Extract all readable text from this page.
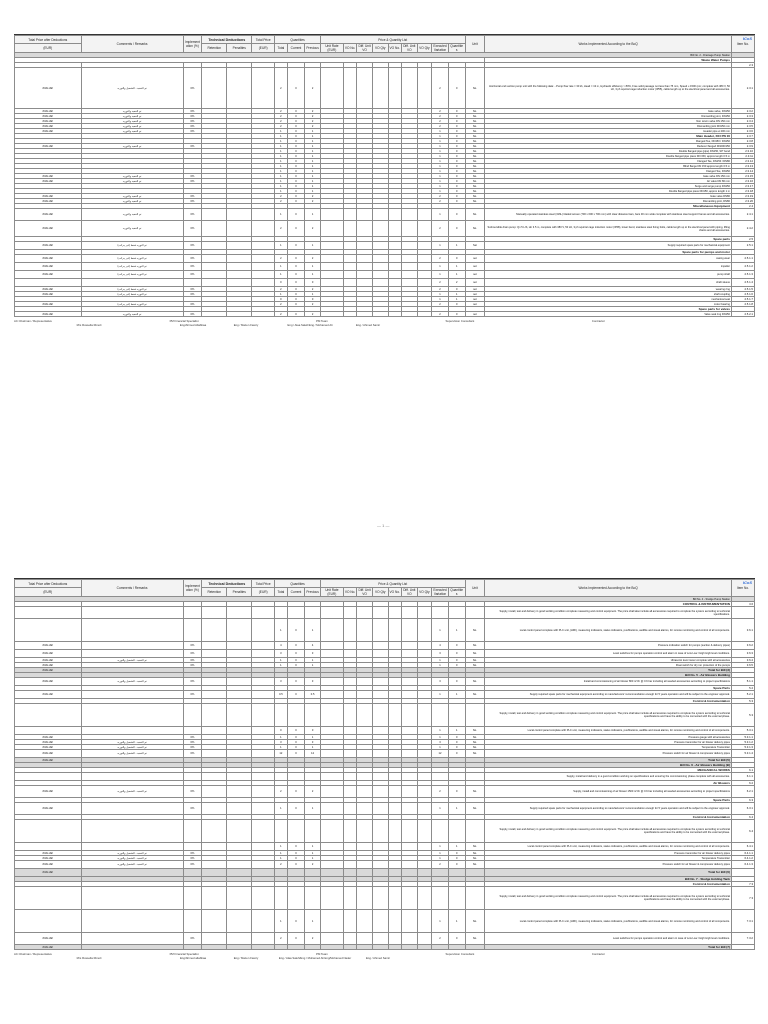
— 1 —
ICoS
Total Price after Deductions	Comments / Remarks	Implementation (%)	Technical Deductions		Total Price	Quantities			Price & Quantity List									Unit	Works Implemented According to the BoQ	Item No.
(EUR)			Retention	Penalties	(EUR)	Total	Current	Previous	Unit Rate (EUR)	VO No.	Diff. Unit VO	VO Qty	VO No.	Diff. Unit VO	VO Qty	Executed Variation	Quantities			
Bill No. 2 - Drainage Pump Station																				
																			Waste Water Pumps	
																				2.3
#VALUE!	تم التنفيذ - التشغيل والتوريد	0%				2	0	2								2	0	No.	Horizontal end suction pump unit with the following data: - Pump flow rate = 30 l/s, Head = 13 m, Hydraulic efficiency > 80%, Free solid passage not less than 75 mm, Speed ≤ 1500 rpm; complete with 380 V, 50 Hz, 3 ph squirrel cage induction motor (IP55), cable length up to the electrical panel and all accessories.	2.3.1
#VALUE!	تم التنفيذ والتوريد	0%				2	0	2								2	0	No.	Gate valve, DN150	2.3.2
#VALUE!	تم التنفيذ والتوريد	0%				2	0	2								2	0	No.	Dismantling joint, DN150	2.3.3
#VALUE!	تم التنفيذ والتوريد	0%				2	0	2								2	0	No.	Non return valve DN 150 mm	2.3.4
#VALUE!	تم التنفيذ والتوريد	0%				2	0	2								2	0	No.	Dismantling joint DN150 mm	2.3.5
#VALUE!	تم التنفيذ والتوريد	0%				1	0	1								1	0	No.	Header pipe ø 200 mm	2.3.6
						1	0	1								1	0	No.	Main Header, DCI PN 16	2.3.7
						1	0	1								1	0	No.	Flanged Tee, DN150 / DN150	2.3.8
#VALUE!	تم التنفيذ والتوريد	0%				1	0	1								1	0	No.	Reducer flanged DN200/150	2.3.9
						1	0	1								1	0	No.	Double flanged pipe (pipe) DN150, 90° bend	2.3.10
						1	0	1								1	0	No.	Double flanged pipe piece DN 150, approx length 0.5 m	2.3.11
						1	0	1								1	0	No.	Flanged Tee, DN150 / DN80	2.3.12
						1	0	1								1	0	No.	Blind flange DN 150 approx length 0.5 m	2.3.13
						1	0	1								1	0	No.	Flanged Tee, DN150	2.3.14
#VALUE!	تم التنفيذ والتوريد	0%				1	0	1								1	0	No.	Gate valve DN 150 mm	2.3.15
#VALUE!	تم التنفيذ والتوريد	0%				1	0	1								1	0	No.	Air valve DN 80 mm	2.3.16
						1	0	1								1	0	No.	Surge and surge pump DN150	2.3.17
						1	0	1								1	0	No.	Double flanged pipe piece DN150, approx length 1 m	2.3.18
#VALUE!	تم التنفيذ والتوريد	0%				2	0	2								2	0	No.	Gate valve DN80	2.3.19
#VALUE!	تم التنفيذ والتوريد	0%				2	0	2								2	0	No.	Dismantling joint, DN80	2.3.20
																			Miscellaneous Equipment	2.4
#VALUE!	تم التنفيذ والتوريد	0%				1	0	1								1	0	No.	Manually operated stainless steel (316L) bladed screen (700 x 600 x 700 mm) with clear distance bars, bars 30 mm wide complete with stainless steel support frames and all accessories.	2.4.1
#VALUE!	تم التنفيذ والتوريد	0%				2	0	2								2	0	No.	Submersible drain pump: Qn 5 L/S, Hn 3.5 m, complete with 380 V, 50 Hz, 3 ph squirrel cage induction motor (IP68), lower bend, stainless steel fixing bolts, cable length up to the electrical panel with piping, lifting chains and all accessories.	2.4.2
																			Spare parts	2.5
#VALUE!	تم التوريد فقط (غير مركب)	0%				1	0	1								1	1	Set	Supply required spare parts for mechanical equipment	2.5.1
																			Spare parts for pumps and motor	
#VALUE!	تم التوريد فقط (غير مركب)	0%				2	0	2								2	0	set	casing wear	2.5.1.1
#VALUE!	تم التوريد فقط (غير مركب)	0%				1	0	1								1	1	set	impeller	2.5.1.2
#VALUE!	تم التوريد فقط (غير مركب)	0%				1	0	1								1	1	set	pump shaft	2.5.1.3
						0	0	0								2	2	set	shaft sleeve	2.5.1.4
#VALUE!	تم التوريد فقط (غير مركب)	0%				2	0	2								2	0	set	wearing ring	2.5.1.5
#VALUE!	تم التوريد فقط (غير مركب)	0%				1	0	1								1	1	set	shaft coupling	2.5.1.6
						0	0	0								1	1	set	mechanical seal	2.5.1.7
#VALUE!	تم التوريد فقط (غير مركب)	0%				2	0	2								2	0	set	motor bearing	2.5.1.8
																			Spare parts for valves	
#VALUE!	تم التنفيذ والتوريد	0%				2	0	2								2	0	set	Valve seal ring DN150	2.5.2.1
AC Chairman / Representative	PM Financial Specialist	PM Team	Supervision Consultant	Contractor
Mrs Rossella Rimoli	Eng/Ahmed Altabbaa	Eng / Mazen Fawzy	Eng / Alaa Saleh/Eng / Mohamed Ali	Eng / Ahmed Samir
ICoS
Total Price after Deductions	Comments / Remarks	Implementation (%)	Technical Deductions		Total Price	Quantities			Price & Quantity List									Unit	Works Implemented According to the BoQ	Item No.
(EUR)			Retention	Penalties	(EUR)	Total	Current	Previous	Unit Rate (EUR)	VO No.	Diff. Unit VO	VO Qty	VO No.	Diff. Unit VO	VO Qty	Executed Variation	Quantities			
Bill No. 4 - Sludge Pump Station																				
																			CONTROL & INSTRUMENTATION	3.6
																			Supply, install, test and delivery in good working condition complete measuring and control equipment. The price shall also include all accessories required to complete the system according to technical specifications.	
						1	0	1								1	1	No.	Local control panel complete with PLC unit, (HMI), measuring indicators, status indicators, pushbuttons, audible and visual alarms, for remote monitoring and control of all components.	3.6.1
#VALUE!		0%				4	0	4								4	0	No.	Pressure indication switch for pumps (suction & delivery pipes)	3.6.2
#VALUE!		0%				3	0	3								3	0	No.	Level switches for pumps operation control and alarm in case of Low Low / High High level conditions.	3.6.3
#VALUE!	تم التنفيذ - التشغيل والتوريد	0%				1	0	1								1	0	No.	Ultrasonic level meter complete with all accessories	3.6.4
#VALUE!		0%				1	0	1								1	0	No.	Float switch for dry run protection of the pumps	3.6.5
#VALUE!																			Total for Bill (3)	
																			Bill No. 5 - Air Blowers Building	
#VALUE!	تم التنفيذ - التشغيل والتوريد	0%				3	0	3								3	0	No.	Install and commissioning of air blower 800 m³/hr @ 0.6 bar including all needed accessories according to project specifications	5.1.1
																			Spare Parts	5.2
#VALUE!		0%				0.5	0	0.5								1	1	No.	Supply required spare parts for mechanical equipment according to manufacturers' recommendation enough for 5 years operation and will be subject to the engineer approval.	5.2.1
																			Control & Instrumentation	5.3
																			Supply, install, test and delivery in good working condition complete measuring and control equipment. The price shall also include all accessories required to complete the system according to technical specifications and have the ability to be connected with the external phase.	5.3
						0	0	0								1	1	No.	Local control panel complete with PLC unit, measuring indicators, status indicators, pushbuttons, audible and visual alarms, for remote monitoring and control of all components.	5.3.1
#VALUE!		0%				1	0	1								1	0	No.	Pressure gauge with all accessories	5.3.1.1
#VALUE!	تم التنفيذ - التشغيل والتوريد	0%				3	0	3								3	0	No.	Pressure transmitter for air blower delivery pipes	5.3.1.2
#VALUE!	تم التنفيذ - التشغيل والتوريد	0%				1	0	1								1	0	No.	Temperature Transmitter	5.3.1.3
#VALUE!	تم التنفيذ - التشغيل والتوريد	0%				12	0	12								12	0	No.	Pressure switch for air blower & compressor delivery pipes	5.3.1.4
#VALUE!																			Total for Bill (5)	
																			Bill No. 6 - Air Blowers Building (B)	
																			MECHANICAL WORKS	6.1
																			Supply, install and delivery in a good condition working on specifications and ensuring the commissioning phase complete with all accessories.	6.1.1
																			Air Blowers	6.2
#VALUE!	تم التنفيذ - التشغيل والتوريد	0%				2	0	2								2	0	No.	Supply, install and commissioning of air blower 1500 m³/hr @ 0.6 bar including all needed accessories according to project specifications	6.2.1
																			Spare Parts	6.3
#VALUE!		0%				1	0	1								1	1	No.	Supply required spare parts for mechanical equipment according to manufacturers' recommendation enough for 5 years operation and will be subject to the engineer approval.	6.3.1
																			Control & Instrumentation	6.4
																			Supply, install, test and delivery in good working condition complete measuring and control equipment. The price shall also include all accessories required to complete the system according to technical specifications and have the ability to be connected with the external phase.	6.4
						1	0	1								1	1	No.	Local control panel complete with PLC unit, measuring indicators, status indicators, pushbuttons, audible and visual alarms, for remote monitoring and control of all components.	6.4.1
#VALUE!	تم التنفيذ - التشغيل والتوريد	0%				1	0	1								1	0	No.	Pressure transmitter for air blower delivery pipes	6.4.1.1
#VALUE!	تم التنفيذ - التشغيل والتوريد	0%				1	0	1								1	0	No.	Temperature Transmitter	6.4.1.2
#VALUE!	تم التنفيذ - التشغيل والتوريد	0%				2	0	2								2	0	No.	Pressure switch for air blower & compressor delivery pipes	6.4.1.3
#VALUE!																			Total for Bill (6)	
																			Bill No. 7 - Sludge Holding Tank	
																			Control & Instrumentation	7.3
																			Supply, install, test and delivery in good working condition complete measuring and control equipment. The price shall also include all accessories required to complete the system according to technical specifications and have the ability to be connected with the external phase.	7.3
						1	0	1								1	1	No.	Local control panel complete with PLC unit, (HMI), measuring indicators, status indicators, pushbuttons, audible and visual alarms, for remote monitoring and control of all components.	7.3.1
#VALUE!		0%				2	0	2								2	0	No.	Level switches for pumps operation control and alarm in case of Low Low / High High level conditions.	7.3.2
#VALUE!																			Total for Bill (7)	
AC Chairman / Representative	PM Financial Specialist	PM Team	Supervision Consultant	Contractor
Mrs Rossella Rimoli	Eng/Ahmed altabbaa	Eng / Mazen Fawzy	Eng / Alaa Saleh/Eng / Mohamed Ali Eng/Mohamed Nader	Eng / Ahmed Samir
